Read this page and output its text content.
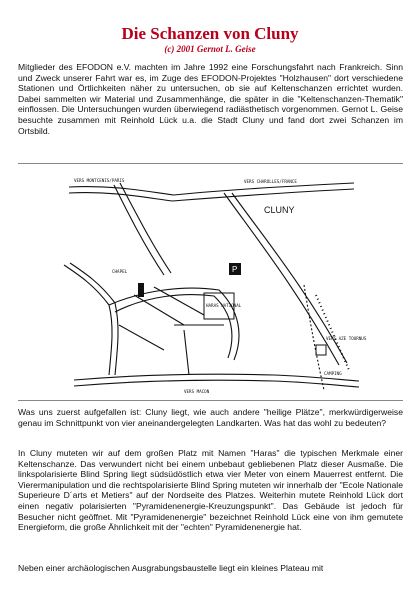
Die Schanzen von Cluny
(c) 2001 Gernot L. Geise

Mitglieder des EFODON e.V. machten im Jahre 1992 eine Forschungsfahrt nach Frankreich. Sinn und Zweck unserer Fahrt war es, im Zuge des EFODON-Projektes "Holzhausen" dort verschiedene Stationen und Örtlichkeiten näher zu untersuchen, ob sie auf Keltenschanzen errichtet wurden. Dabei sammelten wir Material und Zusammenhänge, die später in die "Keltenschanzen-Thematik" einflossen. Die Untersuchungen wurden überwiegend radiästhetisch vorgenommen. Gernot L. Geise besuchte zusammen mit Reinhold Lück u.a. die Stadt Cluny und fand dort zwei Schanzen im Ortsbild.

P
VERS MONTCENIS/PARIS	VERS CHAROLLES/FRANCE
CLUNY
CHAPEL
HARAS NATIONAL
VERS AZE TOURNUS
VERS MACON
CAMPING

Was uns zuerst aufgefallen ist: Cluny liegt, wie auch andere "heilige Plätze", merkwürdigerweise genau im Schnittpunkt von vier aneinandergelegten Landkarten. Was hat das wohl zu bedeuten?

In Cluny muteten wir auf dem großen Platz mit Namen "Haras" die typischen Merkmale einer Keltenschanze. Das verwundert nicht bei einem unbebaut gebliebenen Platz dieser Ausmaße. Die linkspolarisierte Blind Spring liegt südsüdöstlich etwa vier Meter von einem Mauerrest entfernt. Die Vierermanipulation und die rechtspolarisierte Blind Spring muteten wir innerhalb der "Ecole Nationale Superieure D´arts et Metiers" auf der Nordseite des Platzes. Weiterhin mutete Reinhold Lück dort einen negativ polarisierten "Pyramidenenergie-Kreuzungspunkt". Das Gebäude ist jedoch für Besucher nicht geöffnet. Mit "Pyramidenenergie" bezeichnet Reinhold Lück eine von ihm gemutete Energieform, die große Ähnlichkeit mit der "echten" Pyramidenenergie hat.

Neben einer archäologischen Ausgrabungsbaustelle liegt ein kleines Plateau mit
